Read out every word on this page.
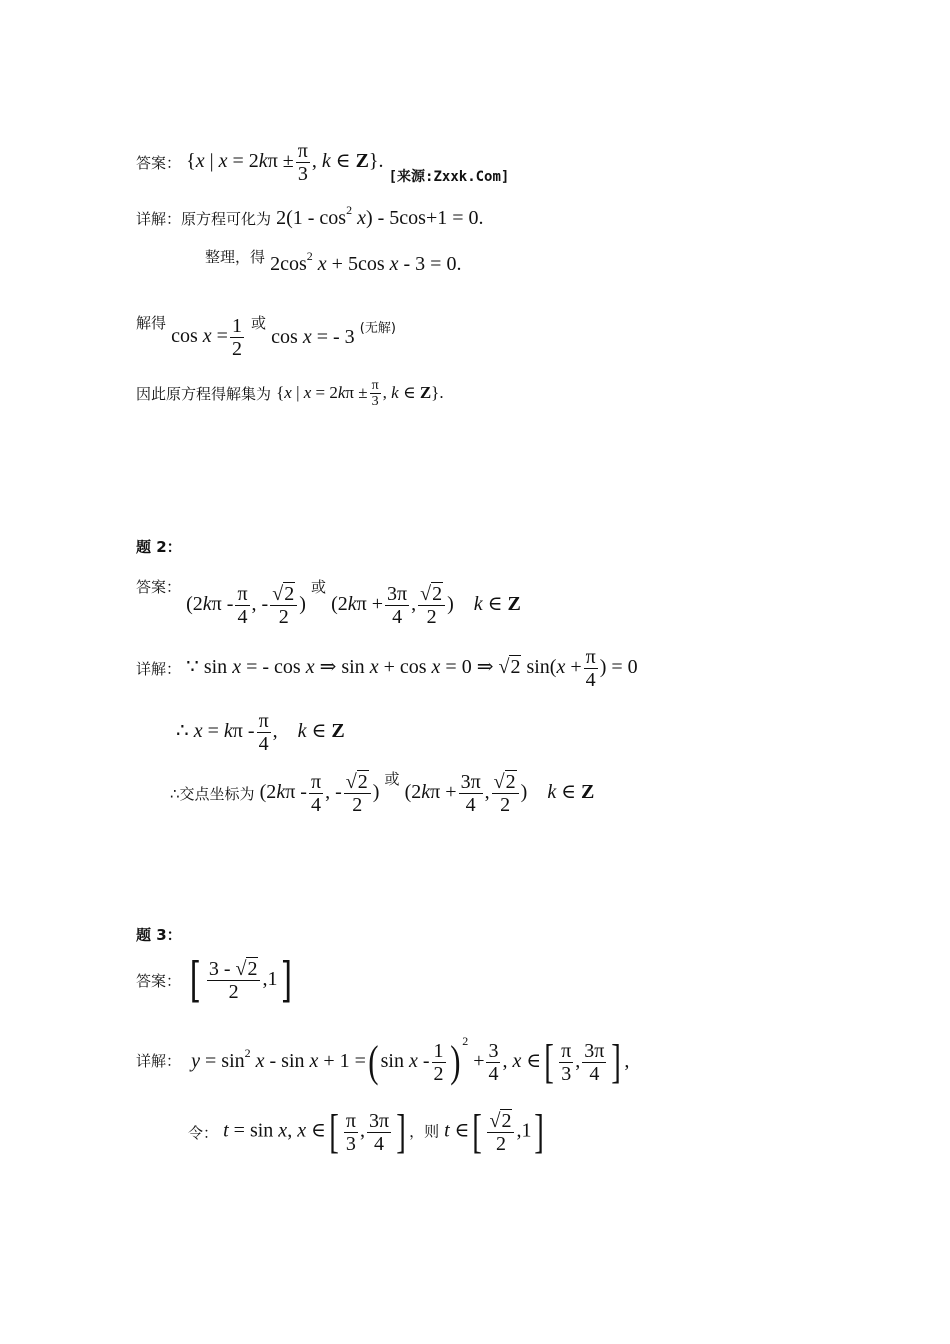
答案： {x | $x = 2k\pi \pm \frac{\pi}{3}$ , k ∈ Z}. [来源:Zxxk.Com]
详解：原方程可化为 $2(1 - \cos^2 x) - 5\cos+1 = 0$.
整理，得 $2\cos^2$ x + 5cos x - 3 = 0.
解得 $\cos x = \frac{1}{2}$ 或 cos x = - 3 $^{(无解)}$
因此原方程得解集为 {x | $x = 2k\pi \pm \frac{\pi}{3}$ , k ∈ Z}.
题 2：
答案： ($2k\pi - \frac{\pi}{4}$ , - $\frac{√2}{2}$ ) 或 ($2k\pi + \frac{3\pi}{4}$ , $\frac{√2}{2}$ )    k ∈ Z
详解： ∵ sin x = - cos x ⇒ sin x + cos x = 0 ⇒ √2 $\sin(x + \frac{\pi}{4}$ ) = 0
∴ $x = k\pi - \frac{\pi}{4}$ ,    k ∈ Z
∴交点坐标为 ($2k\pi - \frac{\pi}{4}$ , - $\frac{√2}{2}$ ) 或 ($2k\pi + \frac{3\pi}{4}$ , $\frac{√2}{2}$ )    k ∈ Z
题 3：
答案： [ $\frac{3 - √2}{2} ,1$]
详解： $y = \sin^2 x - \sin x + 1$ =( sin x - $\frac{1}{2}$ ) $^2 + \frac{3}{4}$ , x ∈[ $\frac{\pi}{3}$ , $\frac{3\pi}{4}$ ] ,
令： t = sin x, x ∈[ $\frac{\pi}{3}$ , $\frac{3\pi}{4}$ ] ，则 t ∈[ $\frac{√2}{2} ,1$]
